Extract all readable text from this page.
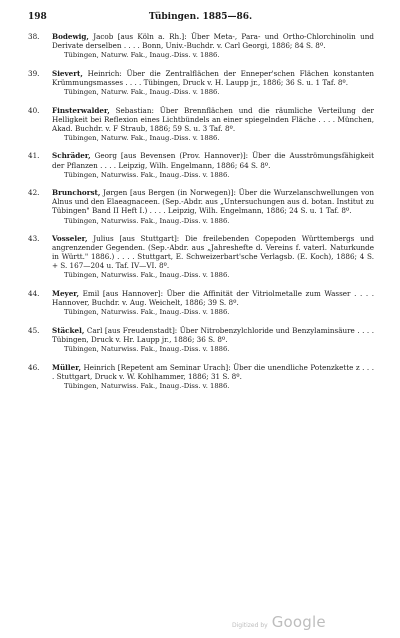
198	Tübingen. 1885—86.
38.	Bodewig, Jacob [aus Köln a. Rh.]: Über Meta-, Para- und Ortho-Chlorchinolin und Derivate derselben . . . . Bonn, Univ.-Buchdr. v. Carl Georgi, 1886; 84 S. 8º.
Tübingen, Naturw. Fak., Inaug.-Diss. v. 1886.
39.	Sievert, Heinrich: Über die Zentralflächen der Enneper'schen Flächen konstanten Krümmungsmasses . . . . Tübingen, Druck v. H. Laupp jr., 1886; 36 S. u. 1 Taf. 8º.
Tübingen, Naturw. Fak., Inaug.-Diss. v. 1886.
40.	Finsterwalder, Sebastian: Über Brennflächen und die räumliche Verteilung der Helligkeit bei Reflexion eines Lichtbündels an einer spiegelnden Fläche . . . . München, Akad. Buchdr. v. F Straub, 1886; 59 S. u. 3 Taf. 8º.
Tübingen, Naturw. Fak., Inaug.-Diss. v. 1886.
41.	Schräder, Georg [aus Bevensen (Prov. Hannover)]: Über die Ausströmungsfähigkeit der Pflanzen . . . . Leipzig, Wilh. Engelmann, 1886; 64 S. 8º.
Tübingen, Naturwiss. Fak., Inaug.-Diss. v. 1886.
42.	Brunchorst, Jørgen [aus Bergen (in Norwegen)]: Über die Wurzelanschwellungen von Alnus und den Elaeagnaceen. (Sep.-Abdr. aus „Untersuchungen aus d. botan. Institut zu Tübingen" Band II Heft I.) . . . . Leipzig, Wilh. Engelmann, 1886; 24 S. u. 1 Taf. 8º.
Tübingen, Naturwiss. Fak., Inaug.-Diss. v. 1886.
43.	Vosseler, Julius [aus Stuttgart]: Die freilebenden Copepoden Württembergs und angrenzender Gegenden. (Sep.-Abdr. aus „Jahreshefte d. Vereins f. vaterl. Naturkunde in Württ." 1886.) . . . . Stuttgart, E. Schweizerbart'sche Verlagsb. (E. Koch), 1886; 4 S. + S. 167—204 u. Taf. IV—VI. 8º.
Tübingen, Naturwiss. Fak., Inaug.-Diss. v. 1886.
44.	Meyer, Emil [aus Hannover]: Über die Affinität der Vitriolmetalle zum Wasser . . . . Hannover, Buchdr. v. Aug. Weichelt, 1886; 39 S. 8º.
Tübingen, Naturwiss. Fak., Inaug.-Diss. v. 1886.
45.	Stäckel, Carl [aus Freudenstadt]: Über Nitrobenzylchloride und Benzylaminsäure . . . . Tübingen, Druck v. Hr. Laupp jr., 1886; 36 S. 8º.
Tübingen, Naturwiss. Fak., Inaug.-Diss. v. 1886.
46.	Müller, Heinrich [Repetent am Seminar Urach]: Über die unendliche Potenzkette z . . . . Stuttgart, Druck v. W. Kohlhammer, 1886; 31 S. 8º.
Tübingen, Naturwiss. Fak., Inaug.-Diss. v. 1886.
Digitized by Google
